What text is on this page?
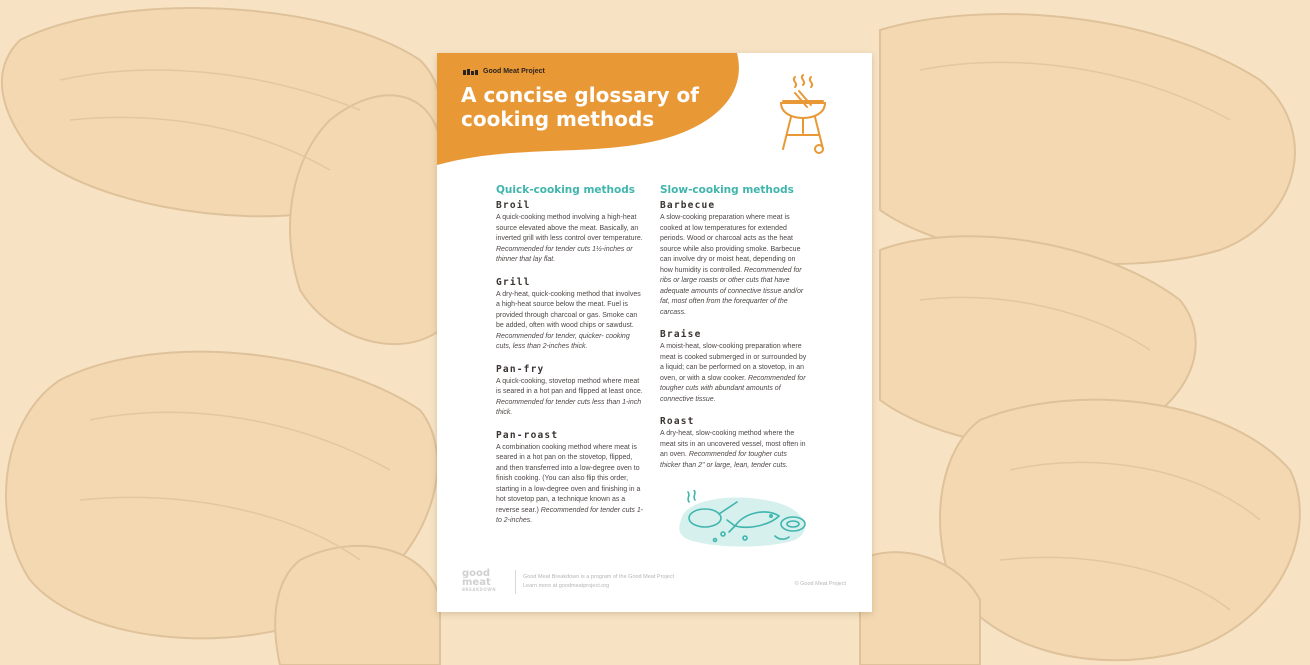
Good Meat Project
A concise glossary of cooking methods
Quick-cooking methods

Broil

A quick-cooking method involving a high-heat source elevated above the meat. Basically, an inverted grill with less control over temperature. Recommended for tender cuts 1½-inches or thinner that lay flat.

Grill

A dry-heat, quick-cooking method that involves a high-heat source below the meat. Fuel is provided through charcoal or gas. Smoke can be added, often with wood chips or sawdust. Recommended for tender, quicker- cooking cuts, less than 2-inches thick.

Pan-fry

A quick-cooking, stovetop method where meat is seared in a hot pan and flipped at least once. Recommended for tender cuts less than 1-inch thick.

Pan-roast

A combination cooking method where meat is seared in a hot pan on the stovetop, flipped, and then transferred into a low-degree oven to finish cooking. (You can also flip this order, starting in a low-degree oven and finishing in a hot stovetop pan, a technique known as a reverse sear.) Recommended for tender cuts 1- to 2-inches.

Slow-cooking methods

Barbecue

A slow-cooking preparation where meat is cooked at low temperatures for extended periods. Wood or charcoal acts as the heat source while also providing smoke. Barbecue can involve dry or moist heat, depending on how humidity is controlled. Recommended for ribs or large roasts or other cuts that have adequate amounts of connective tissue and/or fat, most often from the forequarter of the carcass.

Braise

A moist-heat, slow-cooking preparation where meat is cooked submerged in or surrounded by a liquid; can be performed on a stovetop, in an oven, or with a slow cooker. Recommended for tougher cuts with abundant amounts of connective tissue.

Roast

A dry-heat, slow-cooking method where the meat sits in an uncovered vessel, most often in an oven. Recommended for tougher cuts thicker than 2" or large, lean, tender cuts.

good meat
BREAKDOWN
Good Meat Breakdown is a program of the Good Meat Project
Learn more at goodmeatproject.org	© Good Meat Project
